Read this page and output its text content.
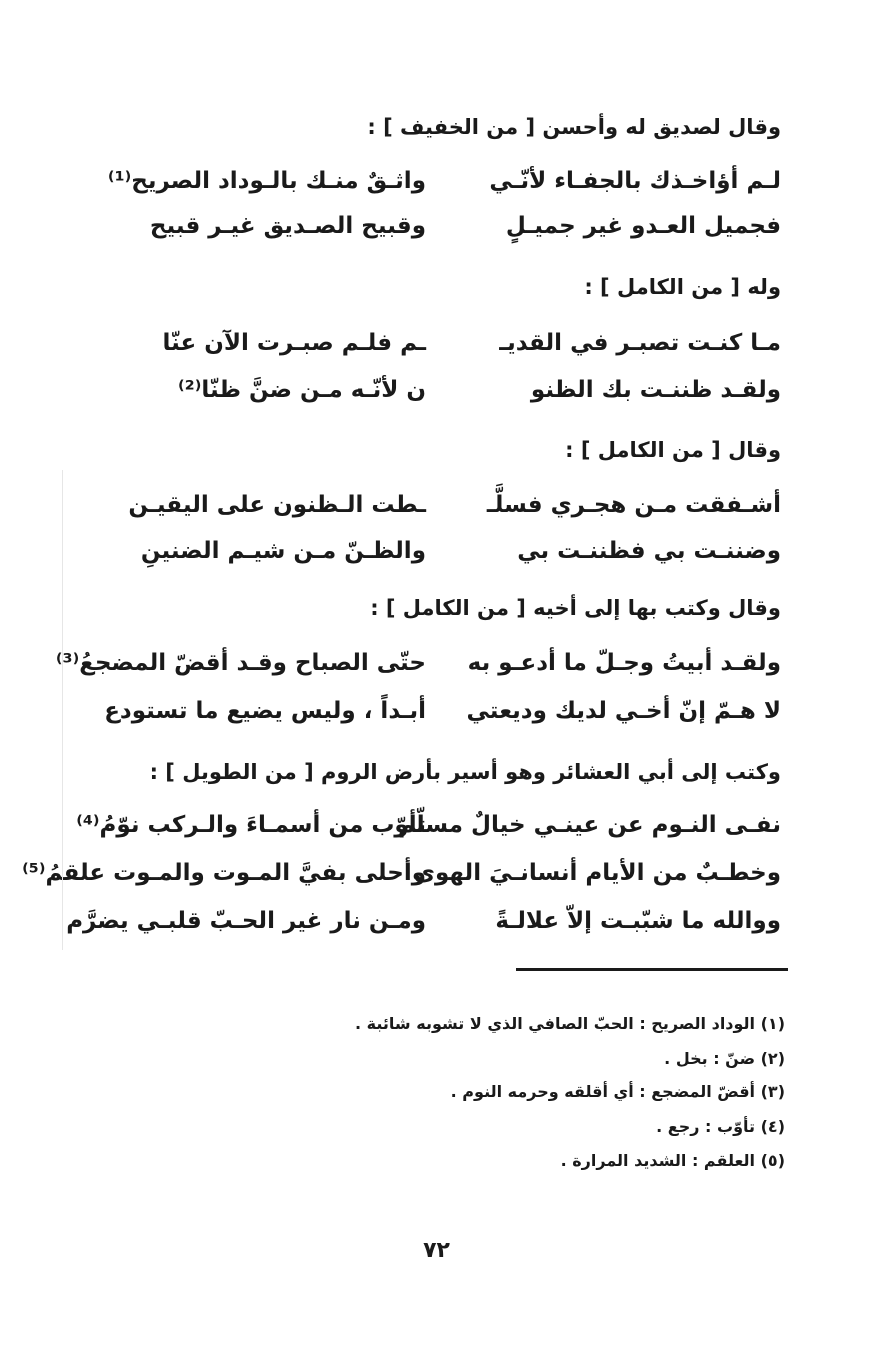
وقال لصديق له وأحسن [ من الخفيف ] :
لـم أؤاخـذك بالجفـاء لأنّـي
واثـقٌ منـك بالـوداد الصريح⁽¹⁾
فجميل العـدو غير جميـلٍ
وقبيح الصـديق غيـر قبيح
وله [ من الكامل ] :
مـا كنـت تصبـر في القديـ
ـم فلـم صبـرت الآن عنّا
ولقـد ظننـت بك الظنو
ن لأنّـه مـن ضنَّ ظنّا⁽²⁾
وقال [ من الكامل ] :
أشـفقت مـن هجـري فسلَّـ
ـطت الـظنون على اليقيـن
وضننـت بي فظننـت بي
والظـنّ مـن شيـم الضنينِ
وقال وكتب بها إلى أخيه [ من الكامل ] :
ولقـد أبيتُ وجـلّ ما أدعـو به
حتّى الصباح وقـد أقضّ المضجعُ⁽³⁾
لا هـمّ إنّ أخـي لديك وديعتي
أبـداً ، وليس يضيع ما تستودع
وكتب إلى أبي العشائر وهو أسير بأرض الروم [ من الطويل ] :
نفـى النـوم عن عينـي خيالٌ مسلّم
تأوّب من أسمـاءَ والـركب نوّمُ⁽⁴⁾
وخطـبٌ من الأيام أنسانـيَ الهوى
وأحلى بفيَّ المـوت والمـوت علقمُ⁽⁵⁾
ووالله ما شبّبـت إلاّ علالـةً
ومـن نار غير الحـبّ قلبـي يضرَّم
(١) الوداد الصريح : الحبّ الصافي الذي لا تشوبه شائبة .
(٢) ضنّ : بخل .
(٣) أقضّ المضجع : أي أقلقه وحرمه النوم .
(٤) تأوّب : رجع .
(٥) العلقم : الشديد المرارة .
٧٢
